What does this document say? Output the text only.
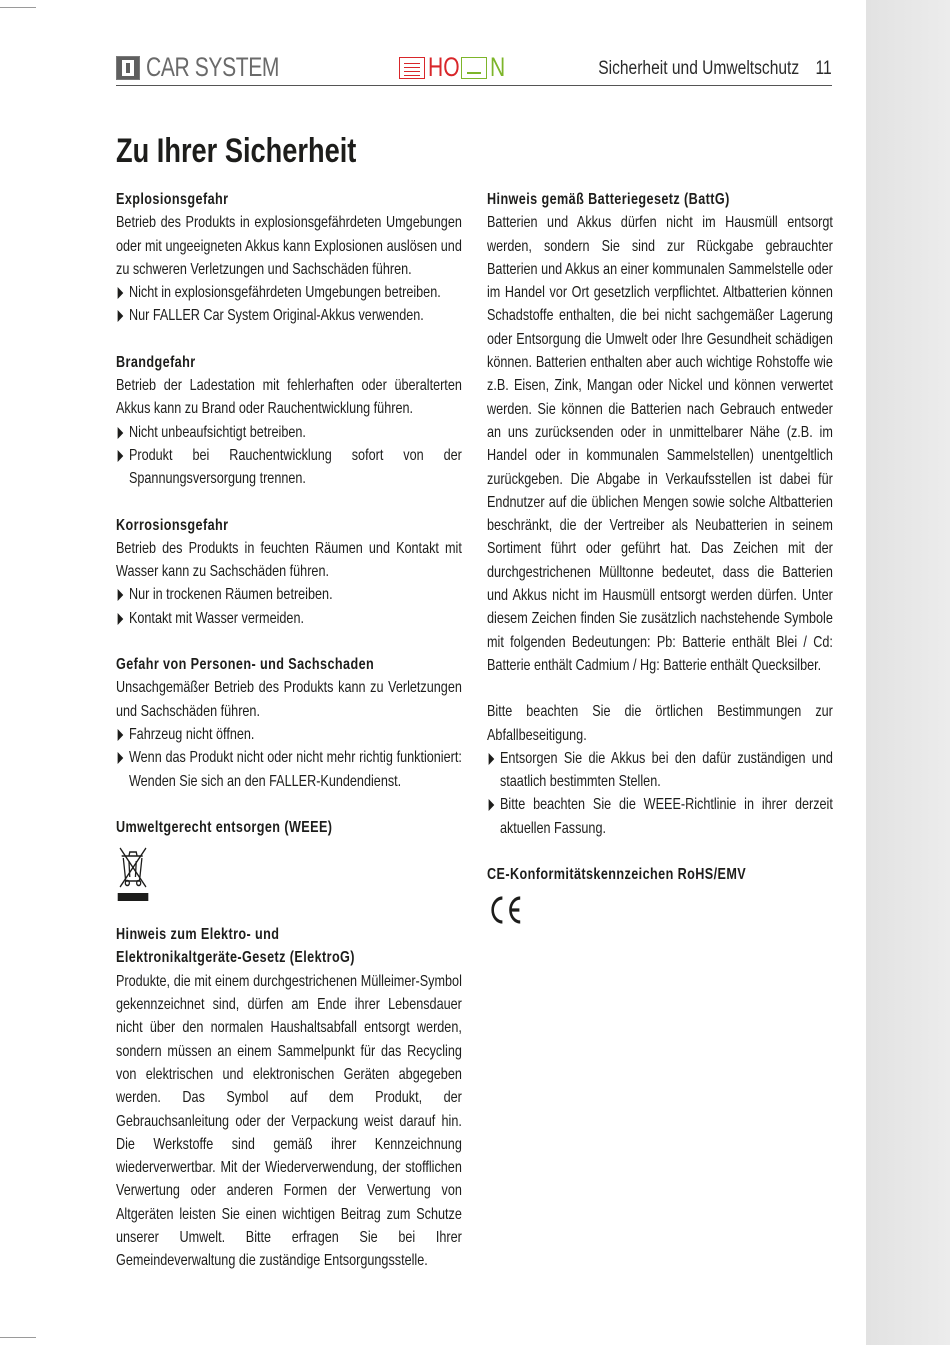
CAR SYSTEM	HO N	Sicherheit und Umweltschutz 11
Zu Ihrer Sicherheit
Explosionsgefahr
Betrieb des Produkts in explosionsgefährdeten Umgebungen oder mit ungeeigneten Akkus kann Explosionen auslösen und zu schweren Verletzungen und Sachschäden führen.
Nicht in explosionsgefährdeten Umgebungen betreiben.
Nur FALLER Car System Original-Akkus verwenden.
Brandgefahr
Betrieb der Ladestation mit fehlerhaften oder überalterten Akkus kann zu Brand oder Rauchentwicklung führen.
Nicht unbeaufsichtigt betreiben.
Produkt bei Rauchentwicklung sofort von der Spannungsversorgung trennen.
Korrosionsgefahr
Betrieb des Produkts in feuchten Räumen und Kontakt mit Wasser kann zu Sachschäden führen.
Nur in trockenen Räumen betreiben.
Kontakt mit Wasser vermeiden.
Gefahr von Personen- und Sachschaden
Unsachgemäßer Betrieb des Produkts kann zu Verletzungen und Sachschäden führen.
Fahrzeug nicht öffnen.
Wenn das Produkt nicht oder nicht mehr richtig funktioniert: Wenden Sie sich an den FALLER-Kundendienst.
Umweltgerecht entsorgen (WEEE)
Hinweis zum Elektro- und
Elektronikaltgeräte-Gesetz (ElektroG)
Produkte, die mit einem durchgestrichenen Mülleimer-Symbol gekennzeichnet sind, dürfen am Ende ihrer Lebensdauer nicht über den normalen Haushaltsabfall entsorgt werden, sondern müssen an einem Sammelpunkt für das Recycling von elektrischen und elektronischen Geräten abgegeben werden. Das Symbol auf dem Produkt, der Gebrauchsanleitung oder der Verpackung weist darauf hin. Die Werkstoffe sind gemäß ihrer Kennzeichnung wiederverwertbar. Mit der Wiederverwendung, der stofflichen Verwertung oder anderen Formen der Verwertung von Altgeräten leisten Sie einen wichtigen Beitrag zum Schutze unserer Umwelt. Bitte erfragen Sie bei Ihrer Gemeindeverwaltung die zuständige Entsorgungsstelle.
Hinweis gemäß Batteriegesetz (BattG)
Batterien und Akkus dürfen nicht im Hausmüll entsorgt werden, sondern Sie sind zur Rückgabe gebrauchter Batterien und Akkus an einer kommunalen Sammelstelle oder im Handel vor Ort gesetzlich verpflichtet. Altbatterien können Schadstoffe enthalten, die bei nicht sachgemäßer Lagerung oder Entsorgung die Umwelt oder Ihre Gesundheit schädigen können. Batterien enthalten aber auch wichtige Rohstoffe wie z.B. Eisen, Zink, Mangan oder Nickel und können verwertet werden. Sie können die Batterien nach Gebrauch entweder an uns zurücksenden oder in unmittelbarer Nähe (z.B. im Handel oder in kommunalen Sammelstellen) unentgeltlich zurückgeben. Die Abgabe in Verkaufsstellen ist dabei für Endnutzer auf die üblichen Mengen sowie solche Altbatterien beschränkt, die der Vertreiber als Neubatterien in seinem Sortiment führt oder geführt hat. Das Zeichen mit der durchgestrichenen Mülltonne bedeutet, dass die Batterien und Akkus nicht im Hausmüll entsorgt werden dürfen. Unter diesem Zeichen finden Sie zusätzlich nachstehende Symbole mit folgenden Bedeutungen: Pb: Batterie enthält Blei / Cd: Batterie enthält Cadmium / Hg: Batterie enthält Quecksilber.
Bitte beachten Sie die örtlichen Bestimmungen zur Abfallbeseitigung.
Entsorgen Sie die Akkus bei den dafür zuständigen und staatlich bestimmten Stellen.
Bitte beachten Sie die WEEE-Richtlinie in ihrer derzeit aktuellen Fassung.
CE-Konformitätskennzeichen RoHS/EMV
